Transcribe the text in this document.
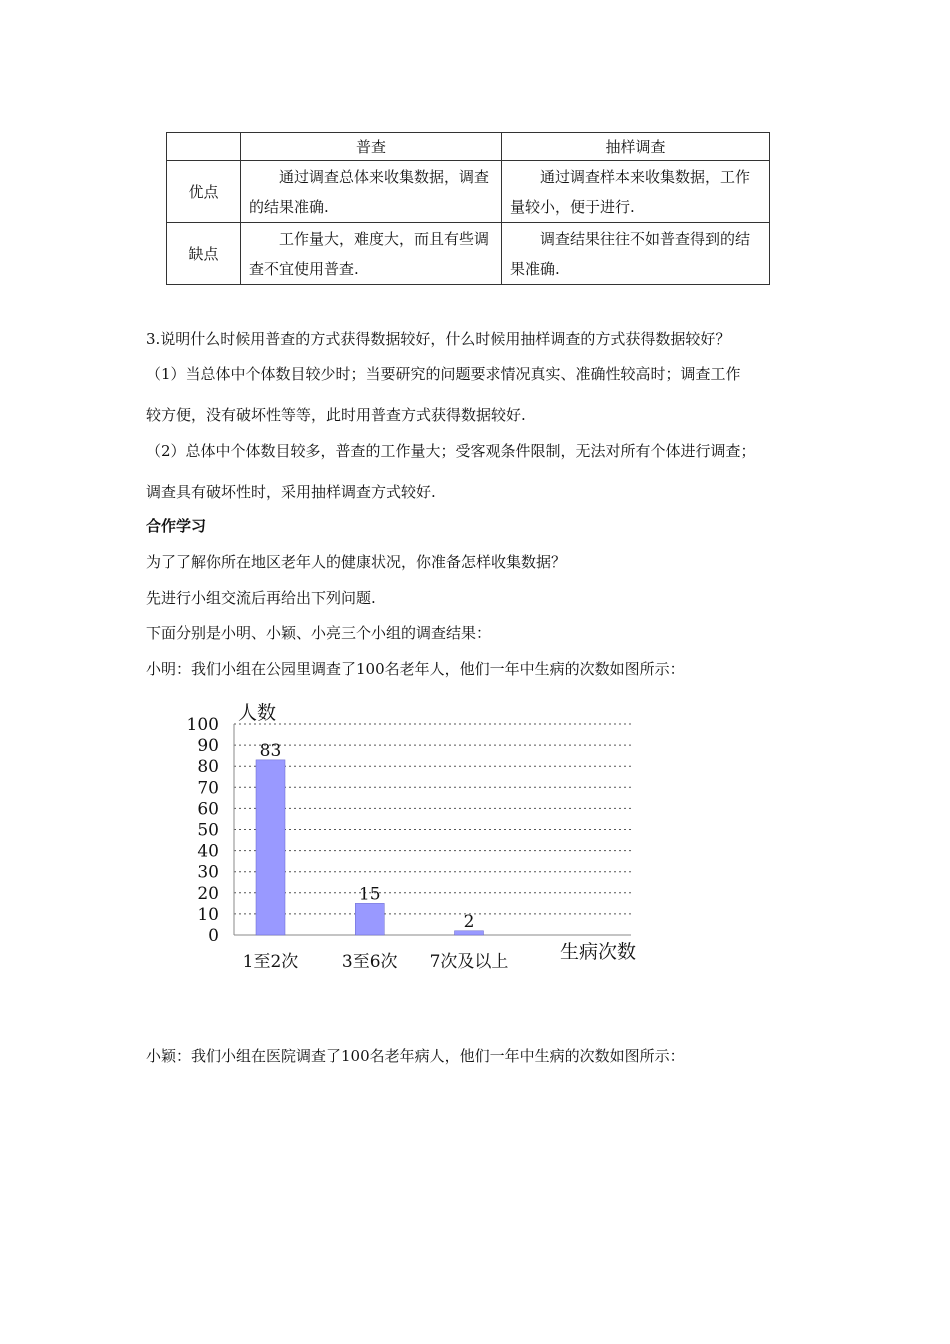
	普查	抽样调查
优点	通过调查总体来收集数据，调查的结果准确.	通过调查样本来收集数据，工作量较小，便于进行.
缺点	工作量大，难度大，而且有些调查不宜使用普查.	调查结果往往不如普查得到的结果准确.
3.说明什么时候用普查的方式获得数据较好，什么时候用抽样调查的方式获得数据较好？
（1）当总体中个体数目较少时；当要研究的问题要求情况真实、准确性较高时；调查工作
较方便，没有破坏性等等，此时用普查方式获得数据较好.
（2）总体中个体数目较多，普查的工作量大；受客观条件限制，无法对所有个体进行调查；
调查具有破坏性时，采用抽样调查方式较好.
合作学习
为了了解你所在地区老年人的健康状况，你准备怎样收集数据？
先进行小组交流后再给出下列问题.
下面分别是小明、小颖、小亮三个小组的调查结果：
小明：我们小组在公园里调查了100名老年人，他们一年中生病的次数如图所示：
0
10
20
30
40
50
60
70
80
90
100
83
15
2
1至2次	3至6次 7次及以上
人数
生病次数
小颖：我们小组在医院调查了100名老年病人，他们一年中生病的次数如图所示：
